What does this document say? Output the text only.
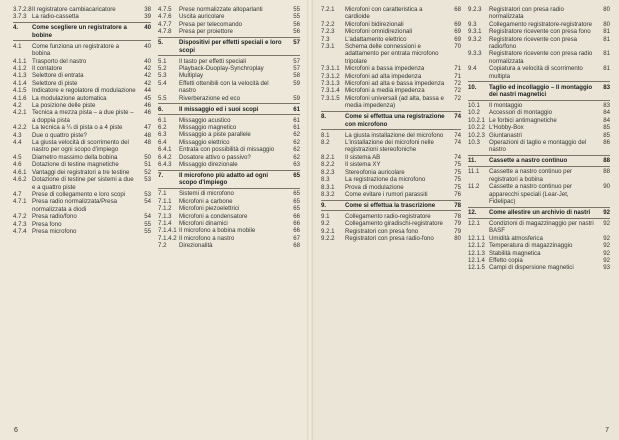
3.7.2.8 Il registratore cambiacaricatore	38
3.7.3 La radio-cassetta	39
4.	Come scegliere un registratore a bobine
40
4.1	Come funziona un registratore a bobina
40
4.1.1 Trasporto del nastro	40
4.1.2 Il contatore	42
4.1.3 Selettore di entrata	42
4.1.4 Selettore di piste	42
4.1.5 Indicatore e regolatore di modulazione	44
4.1.6 La modulazione automatica	45
4.2	La posizione delle piste	46
4.2.1 Tecnica a mezza pista – a due piste – a doppia pista
46
4.2.2 La tecnica a ¼ di pista o a 4 piste	47
4.3	Due o quattro piste?	48
4.4	La giusta velocità di scorrimento del nastro per ogni scopo d'impiego
48
4.5	Diametro massimo della bobina	50
4.6	Dotazione di testine magnetiche	51
4.6.1 Vantaggi dei registratori a tre testine	52
4.6.2 Dotazione di testine per sistemi a due e a quattro piste
53
4.7	Prese di collegamento e loro scopi	53
4.7.1 Presa radio normalizzata/Presa normalizzata a diodi
54
4.7.2 Presa radio/fono	54
4.7.3 Presa fono	55
4.7.4 Presa microfono	55
4.7.5	Prese normalizzate altoparlanti	55
4.7.6	Uscita auricolare	55
4.7.7	Presa per telecomando	56
4.7.8	Presa per proiettore	56
5.	Dispositivi per effetti speciali e loro scopi
57
5.1	Il tasto per effetti speciali	57
5.2	Playback-Duoplay-Synchroplay	57
5.3	Multiplay	58
5.4	Effetti ottenibili con la velocità del nastro
59
5.5	Riverberazione ed eco	59
6.	Il missaggio ed i suoi scopi	61
6.1	Missaggio acustico	61
6.2	Missaggio magnetico	61
6.3	Missaggio a piste parallele	62
6.4	Missaggio elettrico	62
6.4.1	Entrata con possibilità di missaggio	62
6.4.2	Dosatore attivo o passivo?	62
6.4.3	Missaggio direzionale	63
7.	Il microfono più adatto ad ogni scopo d'impiego
65
7.1	Sistemi di microfono	65
7.1.1	Microfoni a carbone	65
7.1.2	Microfoni piezoelettrici	65
7.1.3	Microfoni a condensatore	66
7.1.4	Microfoni dinamici	66
7.1.4.1 Il microfono a bobina mobile	66
7.1.4.2 Il microfono a nastro	67
7.2	Direzionalità	68
6
7.2.1	Microfoni con caratteristica a cardioide
68
7.2.2	Microfoni bidirezionali	69
7.2.3	Microfoni omnidirezionali	69
7.3	L'adattamento elettrico	69
7.3.1	Schema delle connessioni e adattamento per entrata microfono tripolare
70
7.3.1.1 Microfoni a bassa impedenza	71
7.3.1.2 Microfoni ad alta impedenza	71
7.3.1.3 Microfoni ad alta e bassa impedenza	72
7.3.1.4 Microfoni a media impedenza	72
7.3.1.5 Microfoni universali (ad alta, bassa e media impedenza)
72
8.	Come si effettua una registrazione con microfono
74
8.1	La giusta installazione del microfono	74
8.2	L'installazione dei microfoni nelle registrazioni stereofoniche
74
8.2.1	Il sistema AB	74
8.2.2	Il sistema XY	75
8.2.3	Stereofonia auricolare	75
8.3	La registrazione da microfono	75
8.3.1	Prova di modulazione	75
8.3.2	Come evitare i rumori parassiti	76
9.	Come si effettua la trascrizione	78
9.1	Collegamento radio-registratore	78
9.2	Collegamento giradischi-registratore	79
9.2.1	Registratori con presa fono	79
9.2.2	Registratori con presa radio-fono	80
9.2.3	Registratori con presa radio normalizzata
80
9.3	Collegamento registratore-registratore	80
9.3.1	Registratore ricevente con presa fono	81
9.3.2	Registratore ricevente con presa radio/fono
81
9.3.3	Registratore ricevente con presa radio normalizzata
81
9.4	Copiatura a velocità di scorrimento multipla
81
10.	Taglio ed incollaggio – Il montaggio dei nastri magnetici
83
10.1	Il montaggio	83
10.2	Accessori di montaggio	84
10.2.1 Le forbici antimagnetiche	84
10.2.2 L'Hobby-Box	85
10.2.3 Giuntanastri	85
10.3	Operazioni di taglio e montaggio del nastro
86
11.	Cassette a nastro continuo	88
11.1	Cassette a nastro continuo per registratori a bobina
88
11.2	Cassette a nastro continuo per apparecchi speciali (Lear-Jet, Fidelipac)
90
12.	Come allestire un archivio di nastri	92
12.1	Condizioni di magazzinaggio per nastri BASF
92
12.1.1 Umidità atmosferica	92
12.1.2 Temperatura di magazzinaggio	92
12.1.3 Stabilità magnetica	92
12.1.4 Effetto copia	92
12.1.5 Campi di dispersione magnetici	93
7
